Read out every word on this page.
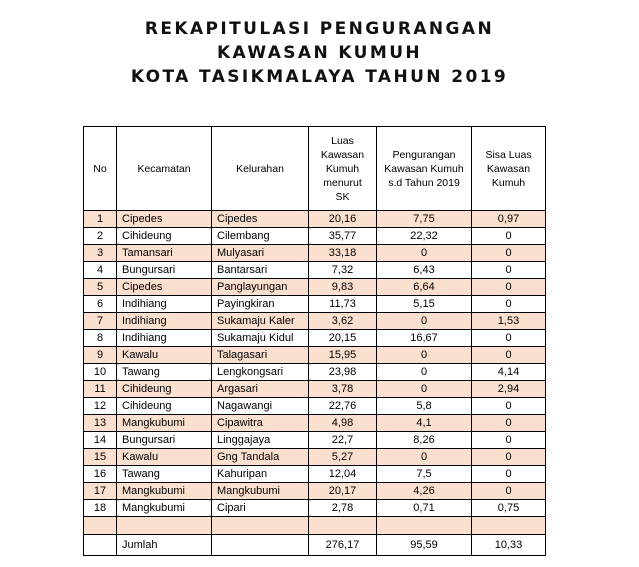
REKAPITULASI PENGURANGAN
KAWASAN KUMUH
KOTA TASIKMALAYA TAHUN 2019
No	Kecamatan	Kelurahan	Luas Kawasan Kumuh menurut SK	Pengurangan Kawasan Kumuh s.d Tahun 2019	Sisa Luas Kawasan Kumuh
1	Cipedes	Cipedes	20,16	7,75	0,97
2	Cihideung	Cilembang	35,77	22,32	0
3	Tamansari	Mulyasari	33,18	0	0
4	Bungursari	Bantarsari	7,32	6,43	0
5	Cipedes	Panglayungan	9,83	6,64	0
6	Indihiang	Payingkiran	11,73	5,15	0
7	Indihiang	Sukamaju Kaler	3,62	0	1,53
8	Indihiang	Sukamaju Kidul	20,15	16,67	0
9	Kawalu	Talagasari	15,95	0	0
10	Tawang	Lengkongsari	23,98	0	4,14
11	Cihideung	Argasari	3,78	0	2,94
12	Cihideung	Nagawangi	22,76	5,8	0
13	Mangkubumi	Cipawitra	4,98	4,1	0
14	Bungursari	Linggajaya	22,7	8,26	0
15	Kawalu	Gng Tandala	5,27	0	0
16	Tawang	Kahuripan	12,04	7,5	0
17	Mangkubumi	Mangkubumi	20,17	4,26	0
18	Mangkubumi	Cipari	2,78	0,71	0,75

	Jumlah		276,17	95,59	10,33
